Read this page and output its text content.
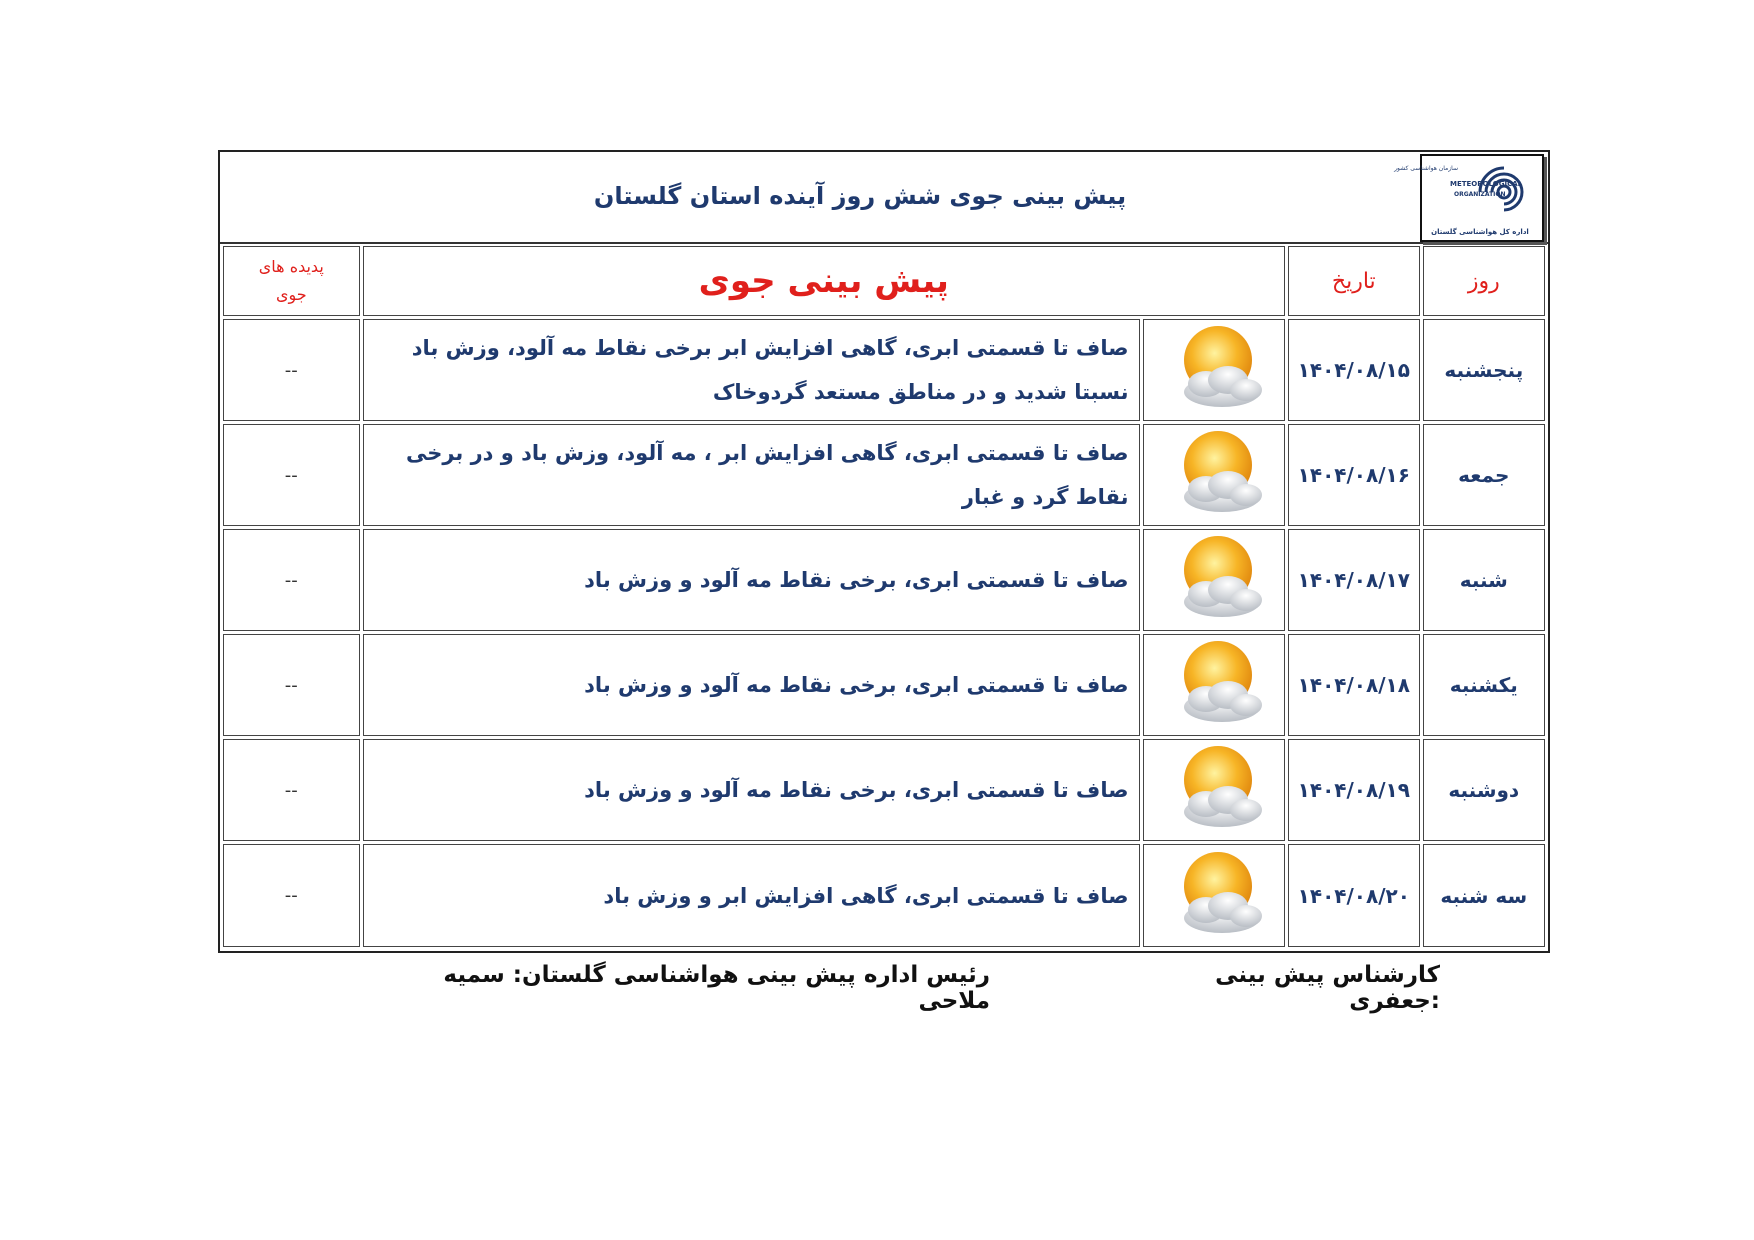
پیش بینی جوی شش روز آینده استان گلستان
سازمان هواشناسی کشور
METEOROLOGICAL
ORGANIZATION
اداره کل هواشناسی گلستان
روز	تاریخ	پیش بینی جوی		پدیده های
جوی

پنجشنبه	۱۴۰۴/۰۸/۱۵		صاف تا قسمتی ابری، گاهی افزایش ابر برخی نقاط مه آلود، وزش باد نسبتا شدید و در مناطق مستعد گردوخاک	--
جمعه	۱۴۰۴/۰۸/۱۶		صاف تا قسمتی ابری، گاهی افزایش ابر ، مه آلود، وزش باد و در برخی نقاط گرد و غبار	--
شنبه	۱۴۰۴/۰۸/۱۷		صاف تا قسمتی ابری، برخی نقاط مه آلود و وزش باد	--
یکشنبه	۱۴۰۴/۰۸/۱۸		صاف تا قسمتی ابری، برخی نقاط مه آلود و وزش باد	--
دوشنبه	۱۴۰۴/۰۸/۱۹		صاف تا قسمتی ابری، برخی نقاط مه آلود و وزش باد	--
سه شنبه	۱۴۰۴/۰۸/۲۰		صاف تا قسمتی ابری، گاهی افزایش ابر و وزش باد	--
کارشناس پیش بینی :جعفری
رئیس اداره پیش بینی هواشناسی گلستان: سمیه ملاحی
